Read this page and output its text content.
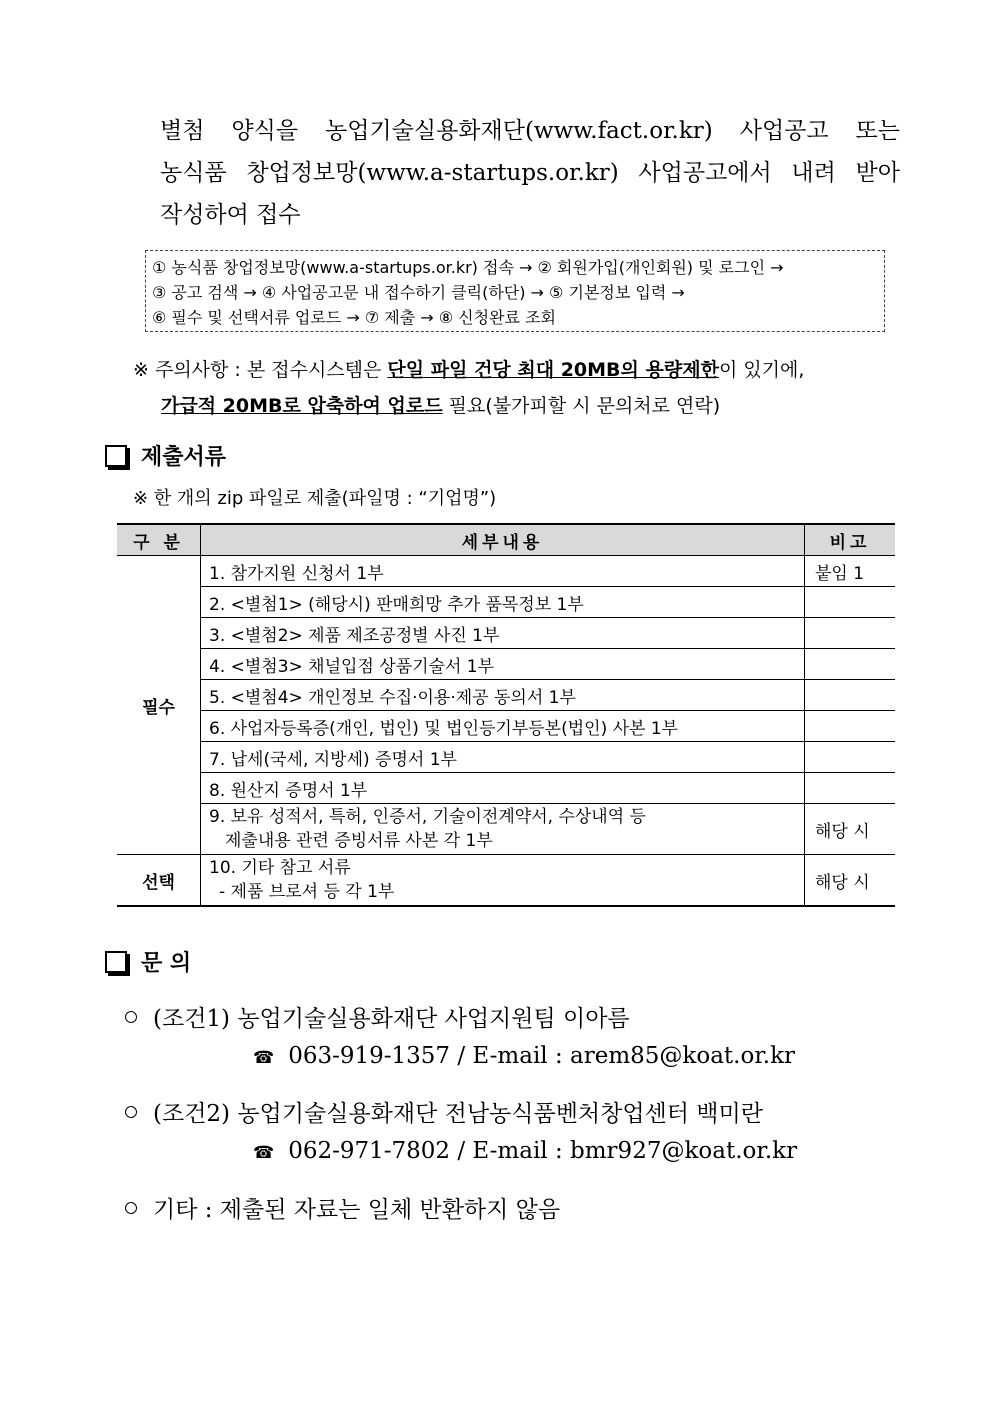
별첨 양식을 농업기술실용화재단(www.fact.or.kr) 사업공고 또는
농식품 창업정보망(www.a-startups.or.kr) 사업공고에서 내려 받아
작성하여 접수
① 농식품 창업정보망(www.a-startups.or.kr) 접속 → ② 회원가입(개인회원) 및 로그인 →
③ 공고 검색 → ④ 사업공고문 내 접수하기 클릭(하단) → ⑤ 기본정보 입력 →
⑥ 필수 및 선택서류 업로드 → ⑦ 제출 → ⑧ 신청완료 조회
※ 주의사항 : 본 접수시스템은 단일 파일 건당 최대 20MB의 용량제한이 있기에,
가급적 20MB로 압축하여 업로드 필요(불가피할 시 문의처로 연락)
제출서류
※ 한 개의 zip 파일로 제출(파일명 : “기업명”)
구 분	세부내용	비고
필수	1. 참가지원 신청서 1부	붙임 1
	2. <별첨1> (해당시) 판매희망 추가 품목정보 1부	
	3. <별첨2> 제품 제조공정별 사진 1부	
	4. <별첨3> 채널입점 상품기술서 1부	
	5. <별첨4> 개인정보 수집·이용·제공 동의서 1부	
	6. 사업자등록증(개인, 법인) 및 법인등기부등본(법인) 사본 1부	
	7. 납세(국세, 지방세) 증명서 1부	
	8. 원산지 증명서 1부	

	9. 보유 성적서, 특허, 인증서, 기술이전계약서, 수상내역 등
제출내용 관련 증빙서류 사본 각 1부	해당 시
선택	10. 기타 참고 서류
- 제품 브로셔 등 각 1부	해당 시
문 의
(조건1) 농업기술실용화재단 사업지원팀 이아름
☎ 063-919-1357 / E-mail : arem85@koat.or.kr
(조건2) 농업기술실용화재단 전남농식품벤처창업센터 백미란
☎ 062-971-7802 / E-mail : bmr927@koat.or.kr
기타 : 제출된 자료는 일체 반환하지 않음
